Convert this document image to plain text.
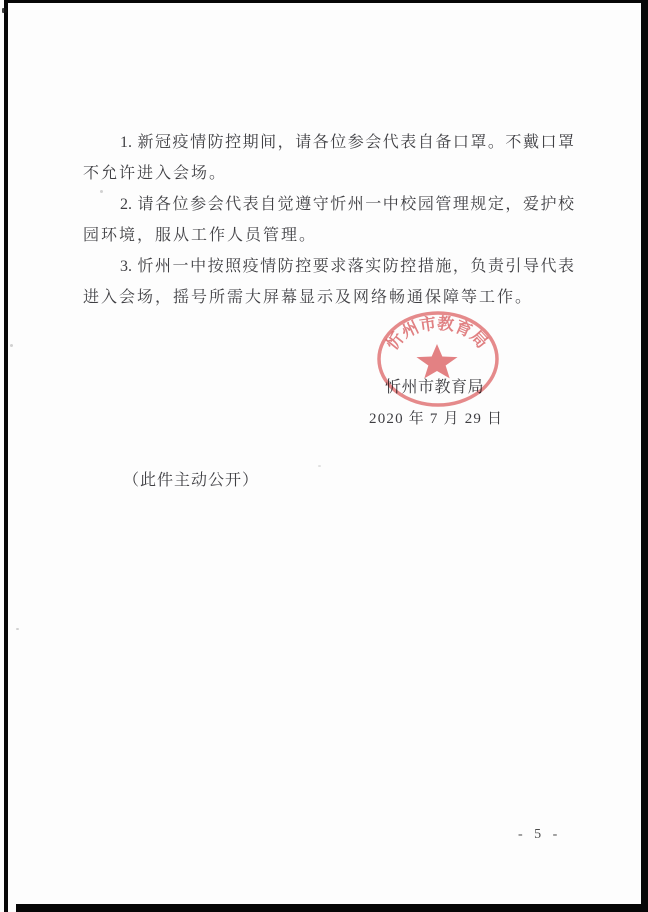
1. 新冠疫情防控期间，请各位参会代表自备口罩。不戴口罩
不允许进入会场。
2. 请各位参会代表自觉遵守忻州一中校园管理规定，爱护校
园环境，服从工作人员管理。
3. 忻州一中按照疫情防控要求落实防控措施，负责引导代表
进入会场，摇号所需大屏幕显示及网络畅通保障等工作。
忻州市教育局
2020 年 7 月 29 日
（此件主动公开）
- 5 -
忻州市教育局
